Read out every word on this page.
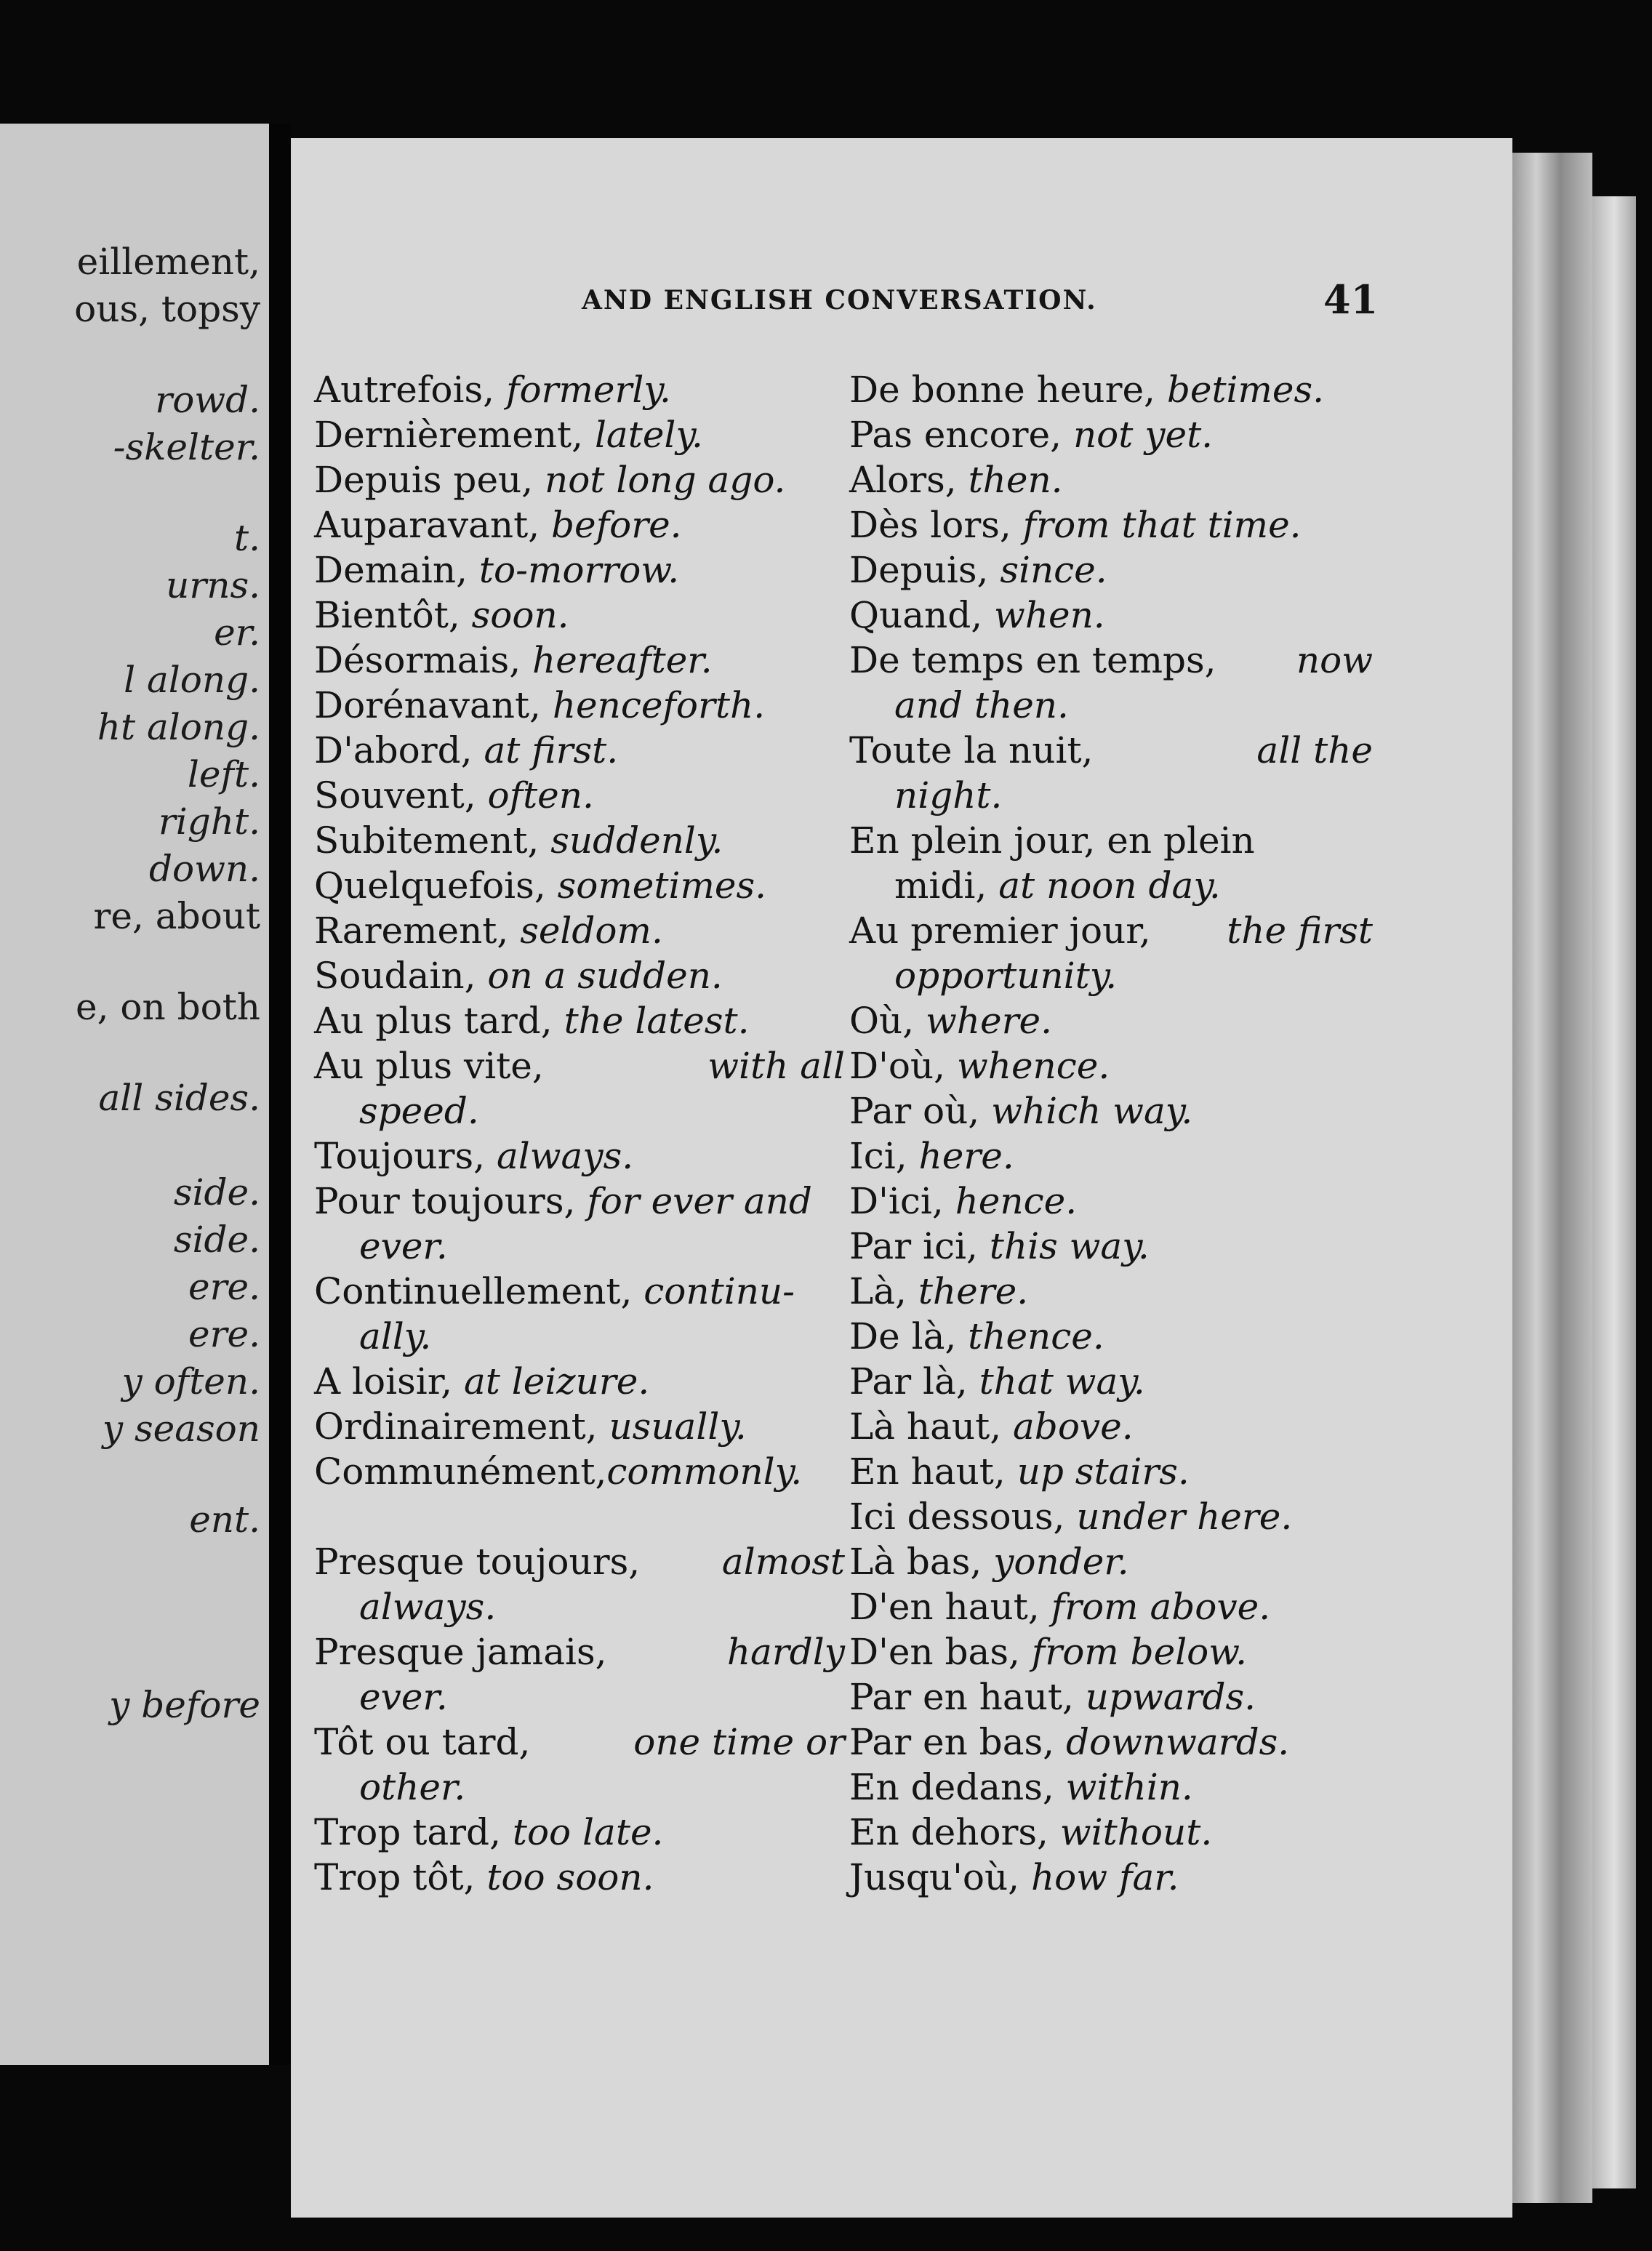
eillement,
ous, topsy
rowd.
-skelter.
t.
urns.
er.
l along.
ht along.
left.
right.
down.
re, about
e, on both
all sides.
side.
side.
ere.
ere.
y often.
y season
ent.
y before
AND ENGLISH CONVERSATION.	41
Autrefois, formerly.
Dernièrement, lately.
Depuis peu, not long ago.
Auparavant, before.
Demain, to-morrow.
Bientôt, soon.
Désormais, hereafter.
Dorénavant, henceforth.
D'abord, at first.
Souvent, often.
Subitement, suddenly.
Quelquefois, sometimes.
Rarement, seldom.
Soudain, on a sudden.
Au plus tard, the latest.
Au plus vite,	with all
speed.
Toujours, always.
Pour toujours, for ever and
ever.
Continuellement, continu-
ally.
A loisir, at leizure.
Ordinairement, usually.
Communément,commonly.
Presque toujours, almost
always.
Presque jamais,	hardly
ever.
Tôt ou tard,	one time or
other.
Trop tard, too late.
Trop tôt, too soon.
De bonne heure, betimes.
Pas encore, not yet.
Alors, then.
Dès lors, from that time.
Depuis, since.
Quand, when.
De temps en temps, now
and then.
Toute la nuit,	all the
night.
En plein jour, en plein
midi, at noon day.
Au premier jour, the first
opportunity.
Où, where.
D'où, whence.
Par où, which way.
Ici, here.
D'ici, hence.
Par ici, this way.
Là, there.
De là, thence.
Par là, that way.
Là haut, above.
En haut, up stairs.
Ici dessous, under here.
Là bas, yonder.
D'en haut, from above.
D'en bas, from below.
Par en haut, upwards.
Par en bas, downwards.
En dedans, within.
En dehors, without.
Jusqu'où, how far.
